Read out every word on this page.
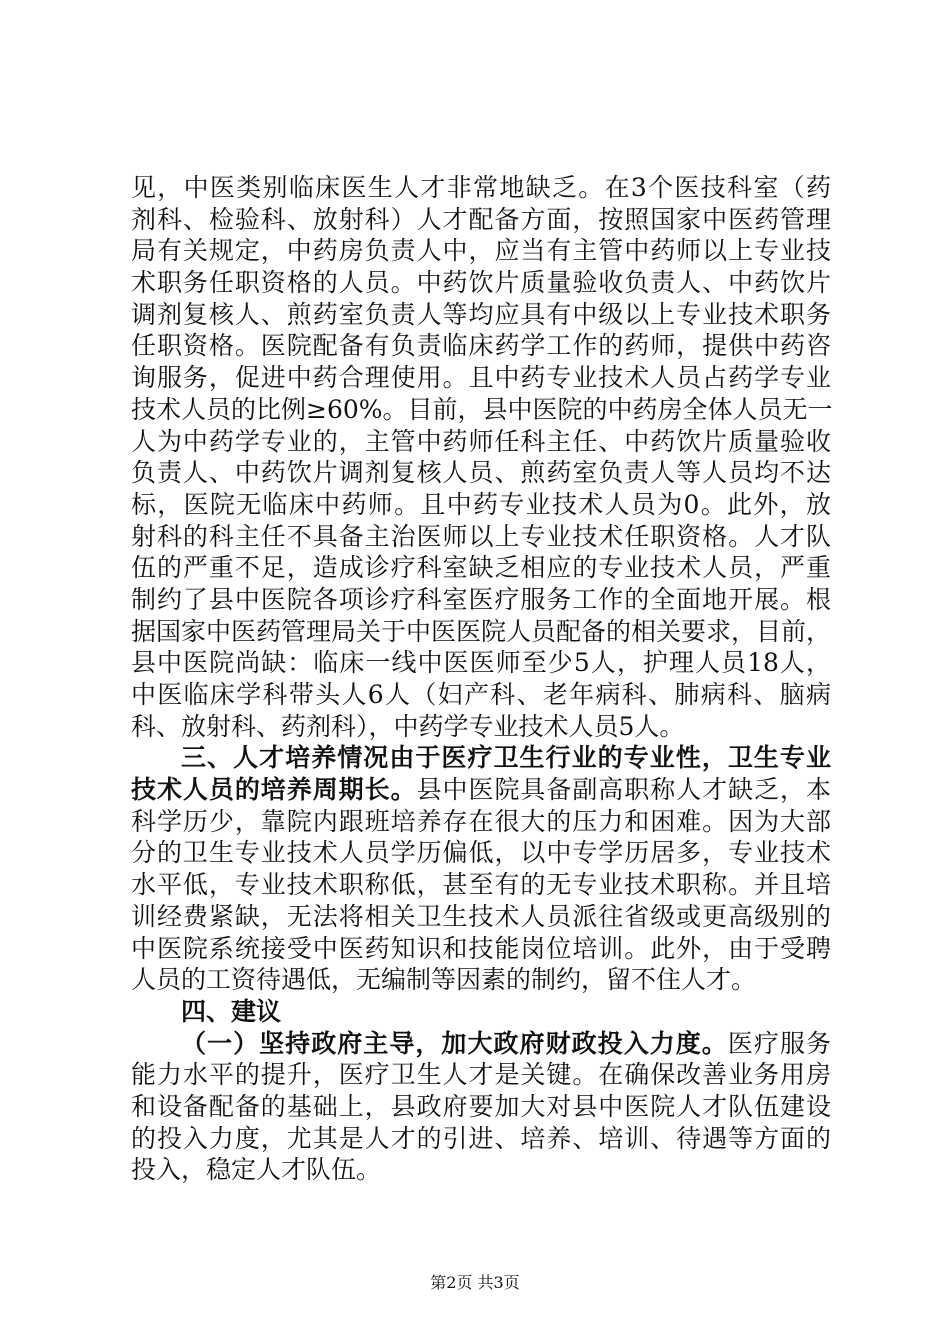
见，中医类别临床医生人才非常地缺乏。在3个医技科室（药
剂科、检验科、放射科）人才配备方面，按照国家中医药管理
局有关规定，中药房负责人中，应当有主管中药师以上专业技
术职务任职资格的人员。中药饮片质量验收负责人、中药饮片
调剂复核人、煎药室负责人等均应具有中级以上专业技术职务
任职资格。医院配备有负责临床药学工作的药师，提供中药咨
询服务，促进中药合理使用。且中药专业技术人员占药学专业
技术人员的比例≥60%。目前，县中医院的中药房全体人员无一
人为中药学专业的，主管中药师任科主任、中药饮片质量验收
负责人、中药饮片调剂复核人员、煎药室负责人等人员均不达
标，医院无临床中药师。且中药专业技术人员为0。此外，放
射科的科主任不具备主治医师以上专业技术任职资格。人才队
伍的严重不足，造成诊疗科室缺乏相应的专业技术人员，严重
制约了县中医院各项诊疗科室医疗服务工作的全面地开展。根
据国家中医药管理局关于中医医院人员配备的相关要求，目前，
县中医院尚缺：临床一线中医医师至少5人，护理人员18人，
中医临床学科带头人6人（妇产科、老年病科、肺病科、脑病
科、放射科、药剂科），中药学专业技术人员5人。
三、人才培养情况由于医疗卫生行业的专业性，卫生专业
技术人员的培养周期长。县中医院具备副高职称人才缺乏，本
科学历少，靠院内跟班培养存在很大的压力和困难。因为大部
分的卫生专业技术人员学历偏低，以中专学历居多，专业技术
水平低，专业技术职称低，甚至有的无专业技术职称。并且培
训经费紧缺，无法将相关卫生技术人员派往省级或更高级别的
中医院系统接受中医药知识和技能岗位培训。此外，由于受聘
人员的工资待遇低，无编制等因素的制约，留不住人才。
四、建议
（一）坚持政府主导，加大政府财政投入力度。医疗服务
能力水平的提升，医疗卫生人才是关键。在确保改善业务用房
和设备配备的基础上，县政府要加大对县中医院人才队伍建设
的投入力度，尤其是人才的引进、培养、培训、待遇等方面的
投入，稳定人才队伍。
第2页 共3页
